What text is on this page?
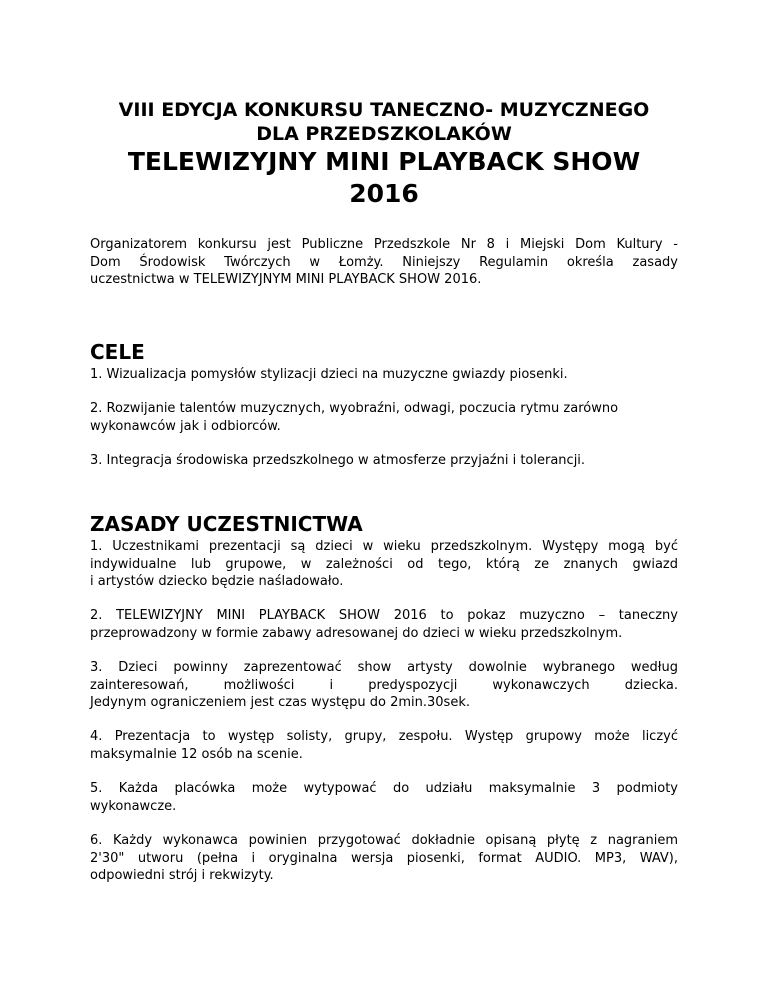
VIII EDYCJA KONKURSU TANECZNO- MUZYCZNEGO
DLA PRZEDSZKOLAKÓW
TELEWIZYJNY MINI PLAYBACK SHOW 2016
Organizatorem konkursu jest Publiczne Przedszkole Nr 8 i Miejski Dom Kultury -
Dom Środowisk Twórczych w Łomży. Niniejszy Regulamin określa zasady
uczestnictwa w TELEWIZYJNYM MINI PLAYBACK SHOW 2016.
CELE
1. Wizualizacja pomysłów stylizacji dzieci na muzyczne gwiazdy piosenki.
2. Rozwijanie talentów muzycznych, wyobraźni, odwagi, poczucia rytmu zarówno
wykonawców jak i odbiorców.
3. Integracja środowiska przedszkolnego w atmosferze przyjaźni i tolerancji.
ZASADY UCZESTNICTWA
1. Uczestnikami prezentacji są dzieci w wieku przedszkolnym. Występy mogą być
indywidualne lub grupowe, w zależności od tego, którą ze znanych gwiazd
i artystów dziecko będzie naśladowało.
2. TELEWIZYJNY MINI PLAYBACK SHOW 2016 to pokaz muzyczno – taneczny
przeprowadzony w formie zabawy adresowanej do dzieci w wieku przedszkolnym.
3. Dzieci powinny zaprezentować show artysty dowolnie wybranego według
zainteresowań, możliwości i predyspozycji wykonawczych dziecka.
Jedynym ograniczeniem jest czas występu do 2min.30sek.
4. Prezentacja to występ solisty, grupy, zespołu. Występ grupowy może liczyć
maksymalnie 12 osób na scenie.
5. Każda placówka może wytypować do udziału maksymalnie 3 podmioty
wykonawcze.
6. Każdy wykonawca powinien przygotować dokładnie opisaną płytę z nagraniem
2'30" utworu (pełna i oryginalna wersja piosenki, format AUDIO. MP3, WAV),
odpowiedni strój i rekwizyty.
